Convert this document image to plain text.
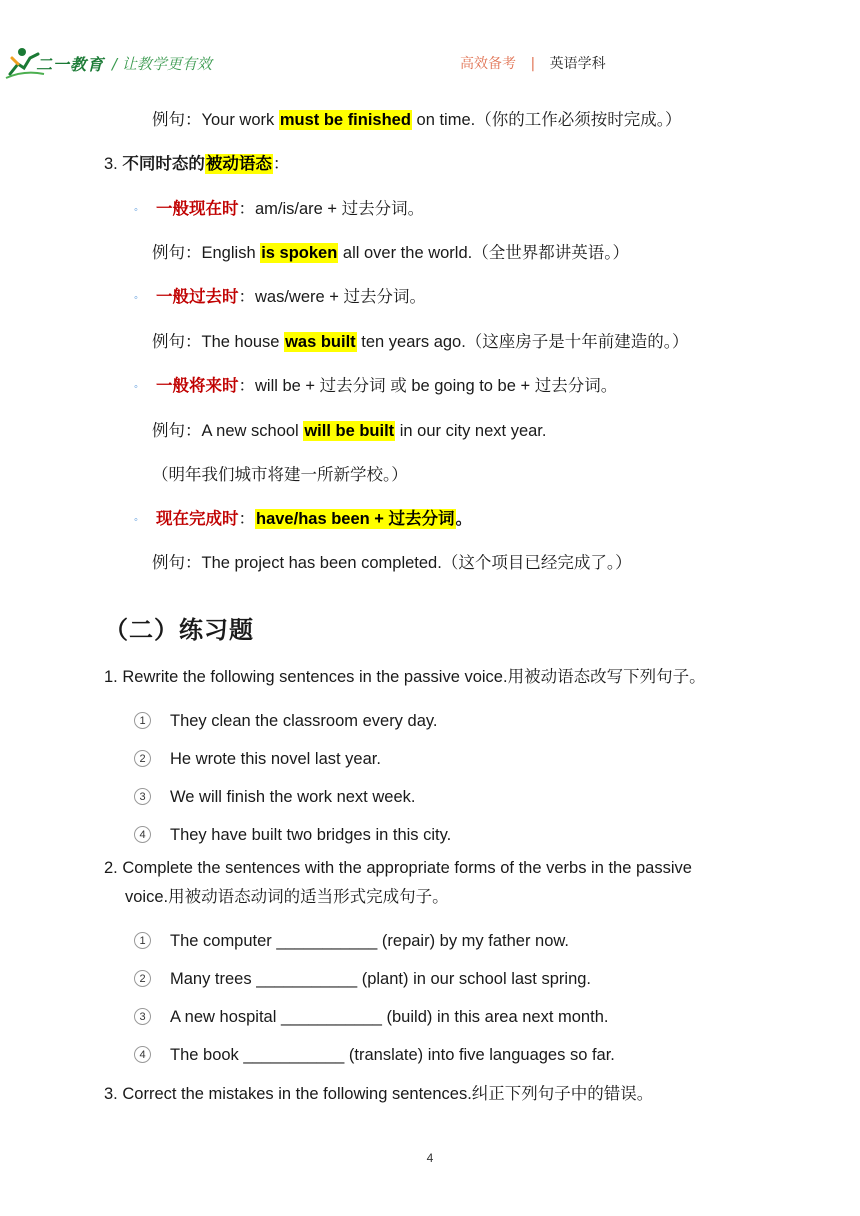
二一教育 / 让教学更有效	高效备考 | 英语学科
例句：Your work must be finished on time.（你的工作必须按时完成。）
3. 不同时态的被动语态：
◦ 一般现在时：am/is/are + 过去分词。
例句：English is spoken all over the world.（全世界都讲英语。）
◦ 一般过去时：was/were + 过去分词。
例句：The house was built ten years ago.（这座房子是十年前建造的。）
◦ 一般将来时：will be + 过去分词 或 be going to be + 过去分词。
例句：A new school will be built in our city next year.
（明年我们城市将建一所新学校。）
◦ 现在完成时：have/has been + 过去分词。
例句：The project has been completed.（这个项目已经完成了。）
（二）练习题
1. Rewrite the following sentences in the passive voice.用被动语态改写下列句子。
1	They clean the classroom every day.
2	He wrote this novel last year.
3	We will finish the work next week.
4	They have built two bridges in this city.
2. Complete the sentences with the appropriate forms of the verbs in the passive
voice.用被动语态动词的适当形式完成句子。
1	The computer ___________ (repair) by my father now.
2	Many trees ___________ (plant) in our school last spring.
3	A new hospital ___________ (build) in this area next month.
4	The book ___________ (translate) into five languages so far.
3. Correct the mistakes in the following sentences.纠正下列句子中的错误。
4
